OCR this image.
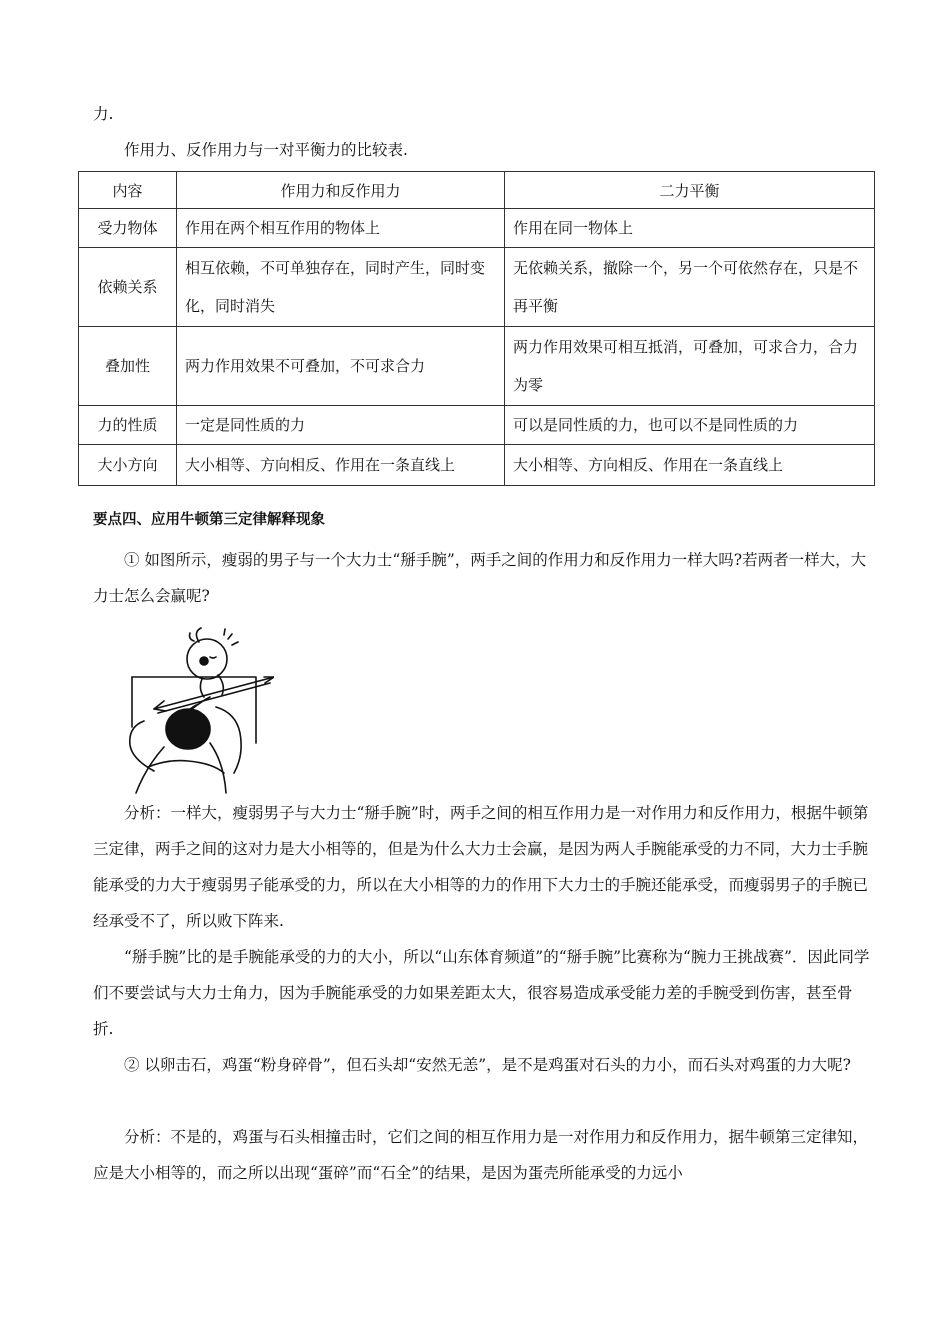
力.

作用力、反作用力与一对平衡力的比较表.

内容	作用力和反作用力	二力平衡
受力物体	作用在两个相互作用的物体上	作用在同一物体上
依赖关系	相互依赖，不可单独存在，同时产生，同时变化，同时消失	无依赖关系，撤除一个，另一个可依然存在，只是不再平衡
叠加性	两力作用效果不可叠加，不可求合力	两力作用效果可相互抵消，可叠加，可求合力，合力为零
力的性质	一定是同性质的力	可以是同性质的力，也可以不是同性质的力
大小方向	大小相等、方向相反、作用在一条直线上	大小相等、方向相反、作用在一条直线上
要点四、应用牛顿第三定律解释现象

① 如图所示，瘦弱的男子与一个大力士“掰手腕”，两手之间的作用力和反作用力一样大吗?若两者一样大，大力士怎么会赢呢?

分析：一样大，瘦弱男子与大力士“掰手腕”时，两手之间的相互作用力是一对作用力和反作用力，根据牛顿第三定律，两手之间的这对力是大小相等的，但是为什么大力士会赢，是因为两人手腕能承受的力不同，大力士手腕能承受的力大于瘦弱男子能承受的力，所以在大小相等的力的作用下大力士的手腕还能承受，而瘦弱男子的手腕已经承受不了，所以败下阵来.

“掰手腕”比的是手腕能承受的力的大小，所以“山东体育频道”的“掰手腕”比赛称为“腕力王挑战赛”．因此同学们不要尝试与大力士角力，因为手腕能承受的力如果差距太大，很容易造成承受能力差的手腕受到伤害，甚至骨折.

② 以卵击石，鸡蛋“粉身碎骨”，但石头却“安然无恙”，是不是鸡蛋对石头的力小，而石头对鸡蛋的力大呢?

分析：不是的，鸡蛋与石头相撞击时，它们之间的相互作用力是一对作用力和反作用力，据牛顿第三定律知，应是大小相等的，而之所以出现“蛋碎”而“石全”的结果，是因为蛋壳所能承受的力远小
